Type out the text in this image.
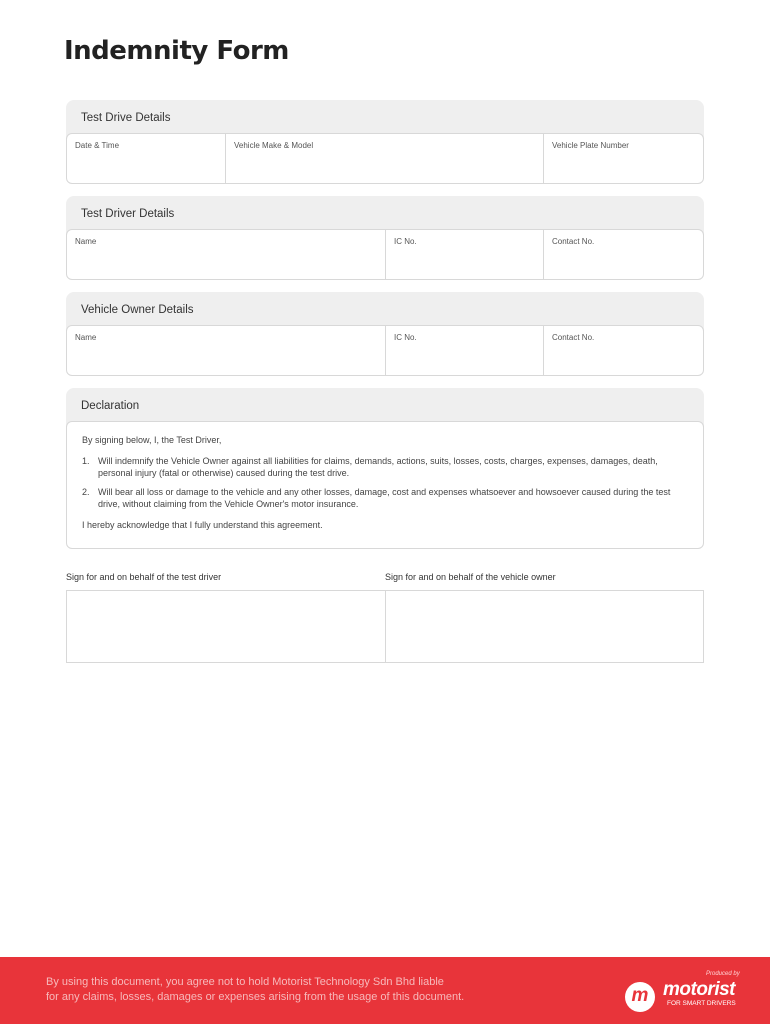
Indemnity Form
Test Drive Details
Date & Time	Vehicle Make & Model	Vehicle Plate Number
Test Driver Details
Name	IC No.	Contact No.
Vehicle Owner Details
Name	IC No.	Contact No.
Declaration

By signing below, I, the Test Driver,

1. Will indemnify the Vehicle Owner against all liabilities for claims, demands, actions, suits, losses, costs, charges, expenses, damages, death, personal injury (fatal or otherwise) caused during the test drive.
2. Will bear all loss or damage to the vehicle and any other losses, damage, cost and expenses whatsoever and howsoever caused during the test drive, without claiming from the Vehicle Owner's motor insurance.

I hereby acknowledge that I fully understand this agreement.

Sign for and on behalf of the test driver	Sign for and on behalf of the vehicle owner
By using this document, you agree not to hold Motorist Technology Sdn Bhd liable
for any claims, losses, damages or expenses arising from the usage of this document.
Produced by
m motorist
FOR SMART DRIVERS
